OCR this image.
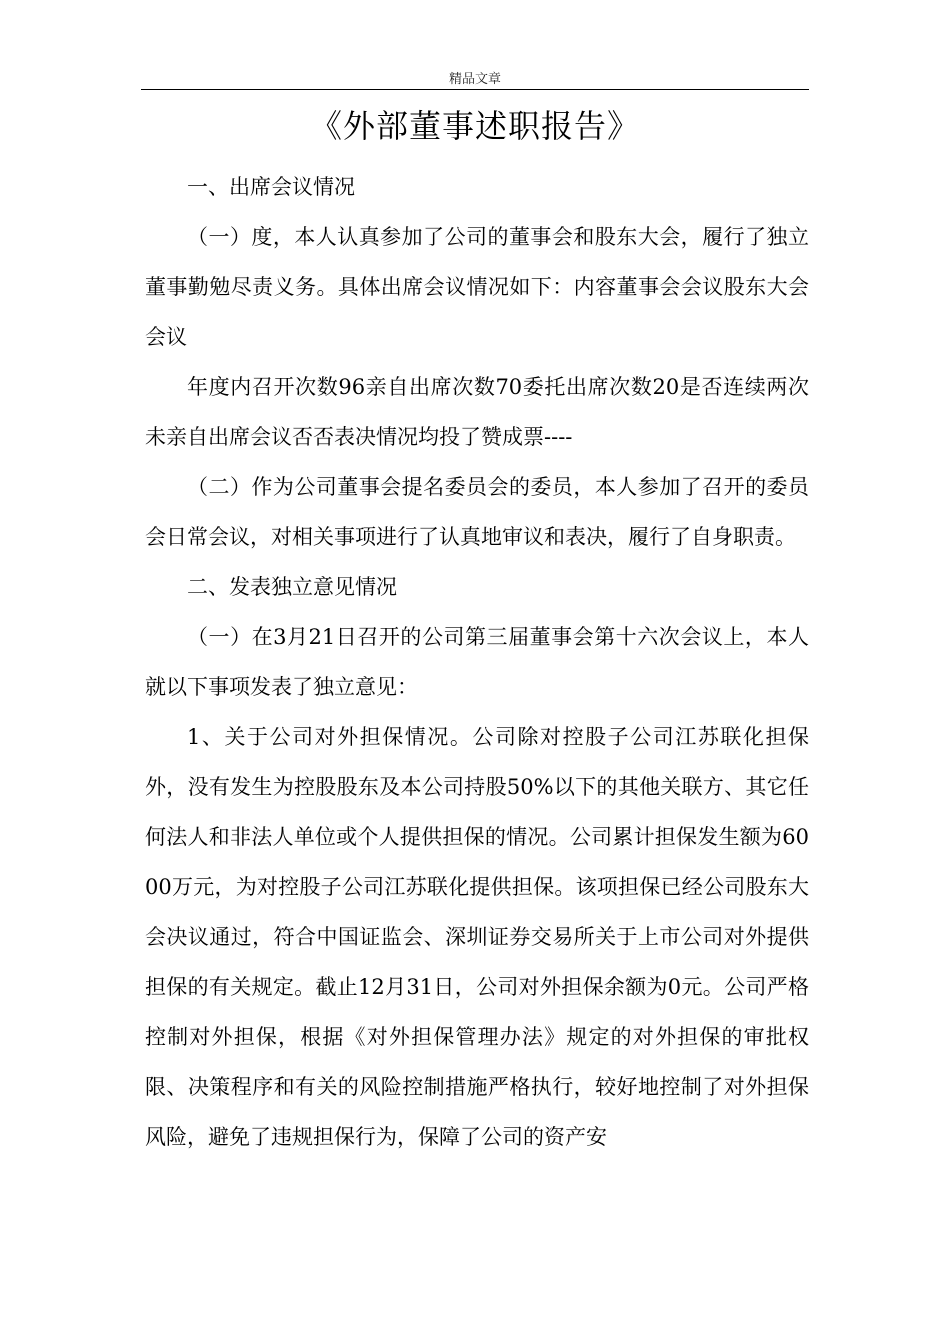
精品文章
《外部董事述职报告》

一、出席会议情况

（一）度，本人认真参加了公司的董事会和股东大会，履行了独立董事勤勉尽责义务。具体出席会议情况如下：内容董事会会议股东大会会议

年度内召开次数96亲自出席次数70委托出席次数20是否连续两次未亲自出席会议否否表决情况均投了赞成票----

（二）作为公司董事会提名委员会的委员，本人参加了召开的委员会日常会议，对相关事项进行了认真地审议和表决，履行了自身职责。

二、发表独立意见情况

（一）在3月21日召开的公司第三届董事会第十六次会议上，本人就以下事项发表了独立意见：

1、关于公司对外担保情况。公司除对控股子公司江苏联化担保外，没有发生为控股股东及本公司持股50%以下的其他关联方、其它任何法人和非法人单位或个人提供担保的情况。公司累计担保发生额为6000万元，为对控股子公司江苏联化提供担保。该项担保已经公司股东大会决议通过，符合中国证监会、深圳证券交易所关于上市公司对外提供担保的有关规定。截止12月31日，公司对外担保余额为0元。公司严格控制对外担保，根据《对外担保管理办法》规定的对外担保的审批权限、决策程序和有关的风险控制措施严格执行，较好地控制了对外担保风险，避免了违规担保行为，保障了公司的资产安
